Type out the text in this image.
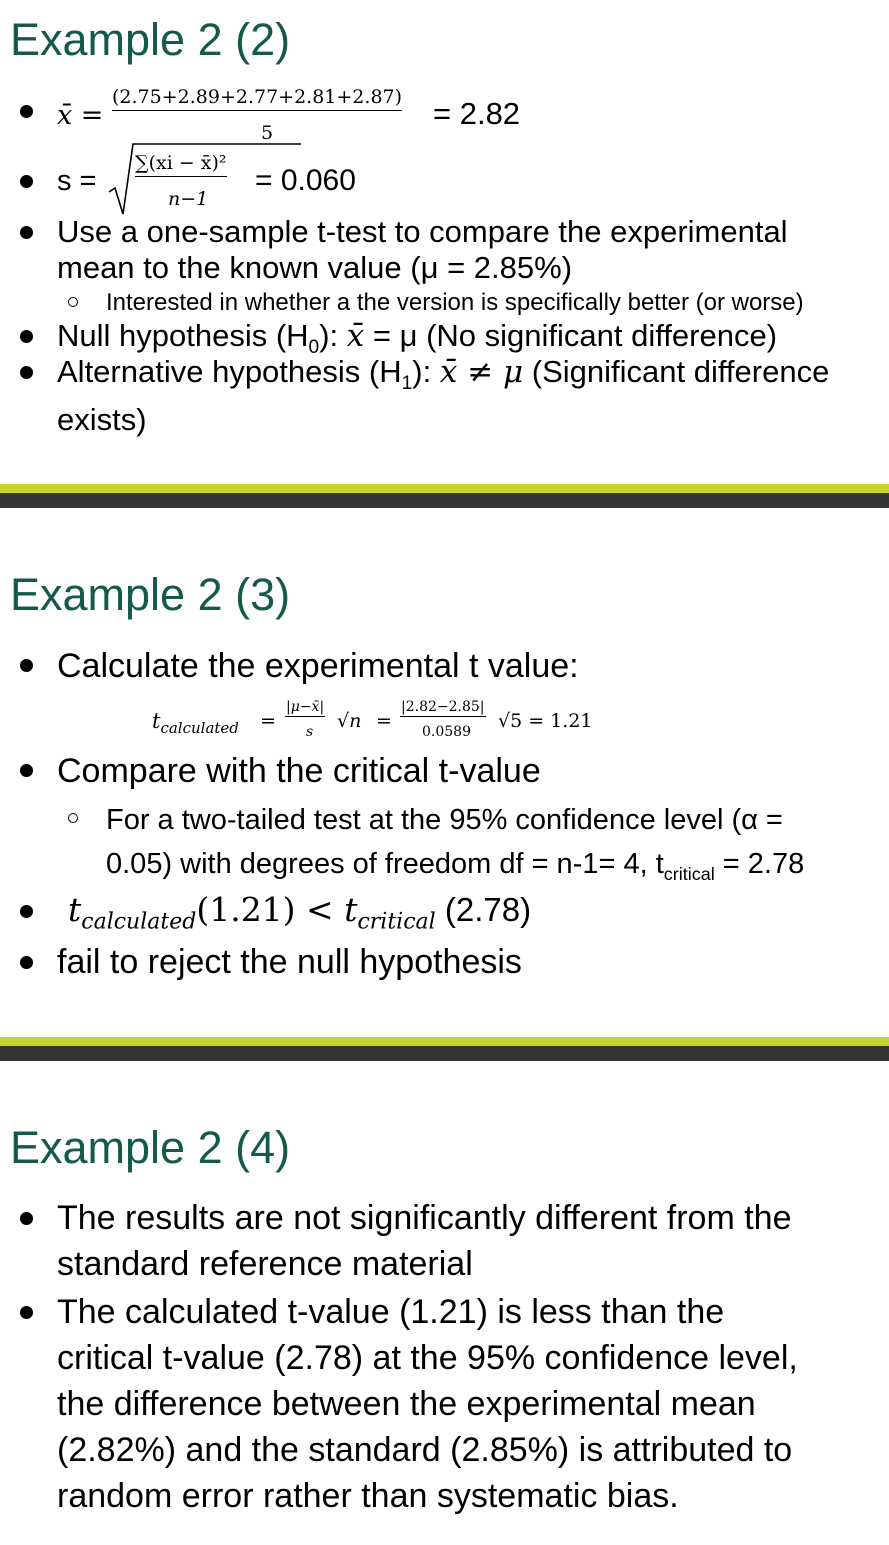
Example 2 (2)
x̄ =
(2.75+2.89+2.77+2.81+2.87)
5
= 2.82
s =
∑(xi − x̄)²
n−1
= 0.060
Use a one-sample t-test to compare the experimental
mean to the known value (μ = 2.85%)
Interested in whether a the version is specifically better (or worse)
Null hypothesis $(H_0)$: x̄ = μ (No significant difference)
Alternative hypothesis $(H_1)$: x̄ ≠ μ (Significant difference
exists)
Example 2 (3)
Calculate the experimental t value:
$t_{calculated}$ =
|μ−x̄|
s √n =
|2.82−2.85|
0.0589 √5 = 1.21
Compare with the critical t-value
For a two-tailed test at the 95% confidence level (α =
0.05) with degrees of freedom df = n-1= 4, $t_{critical} = 2.78$
$t_{calculated}(1.21) < t_{critical}$ (2.78)
fail to reject the null hypothesis
Example 2 (4)
The results are not significantly different from the
standard reference material
The calculated t-value (1.21) is less than the
critical t-value (2.78) at the 95% confidence level,
the difference between the experimental mean
(2.82%) and the standard (2.85%) is attributed to
random error rather than systematic bias.
